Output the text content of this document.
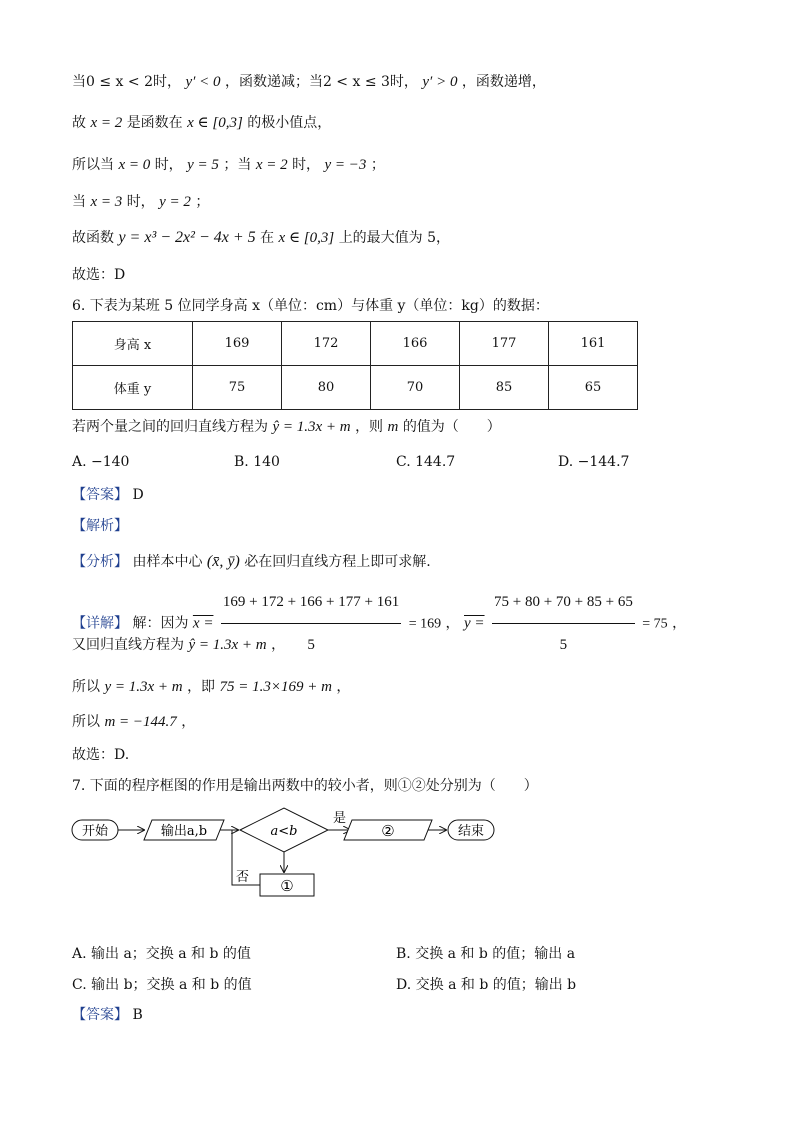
当0 ≤ x < 2时， y′ < 0 ，函数递减；当2 < x ≤ 3时， y′ > 0 ，函数递增，
故 x = 2 是函数在 x ∈ [0,3] 的极小值点，
所以当 x = 0 时， y = 5 ；当 x = 2 时， y = −3 ；
当 x = 3 时， y = 2 ；
故函数 y = x³ − 2x² − 4x + 5 在 x ∈ [0,3] 上的最大值为 5，
故选：D
6. 下表为某班 5 位同学身高 x（单位：cm）与体重 y（单位：kg）的数据：
身高 x	169	172	166	177	161
体重 y	75	80	70	85	65
若两个量之间的回归直线方程为 ŷ = 1.3x + m ，则 m 的值为（　　）
A. −140	B. 140	C. 144.7	D. −144.7
【答案】 D
【解析】
【分析】 由样本中心 (x̄, ȳ) 必在回归直线方程上即可求解.
【详解】 解：因为 $x = \frac{169 + 172 + 166 + 177 + 161}{5} = 169$ ， $y = \frac{75 + 80 + 70 + 85 + 65}{5} = 75$ ，
又回归直线方程为 ŷ = 1.3x + m ，
所以 y = 1.3x + m ，即 75 = 1.3×169 + m ，
所以 m = −144.7 ，
故选：D.
7. 下面的程序框图的作用是输出两数中的较小者，则①②处分别为（　　）
开始	输出a,b	a<b
是
②	结束
①
否
A. 输出 a；交换 a 和 b 的值	B. 交换 a 和 b 的值；输出 a
C. 输出 b；交换 a 和 b 的值	D. 交换 a 和 b 的值；输出 b
【答案】 B
